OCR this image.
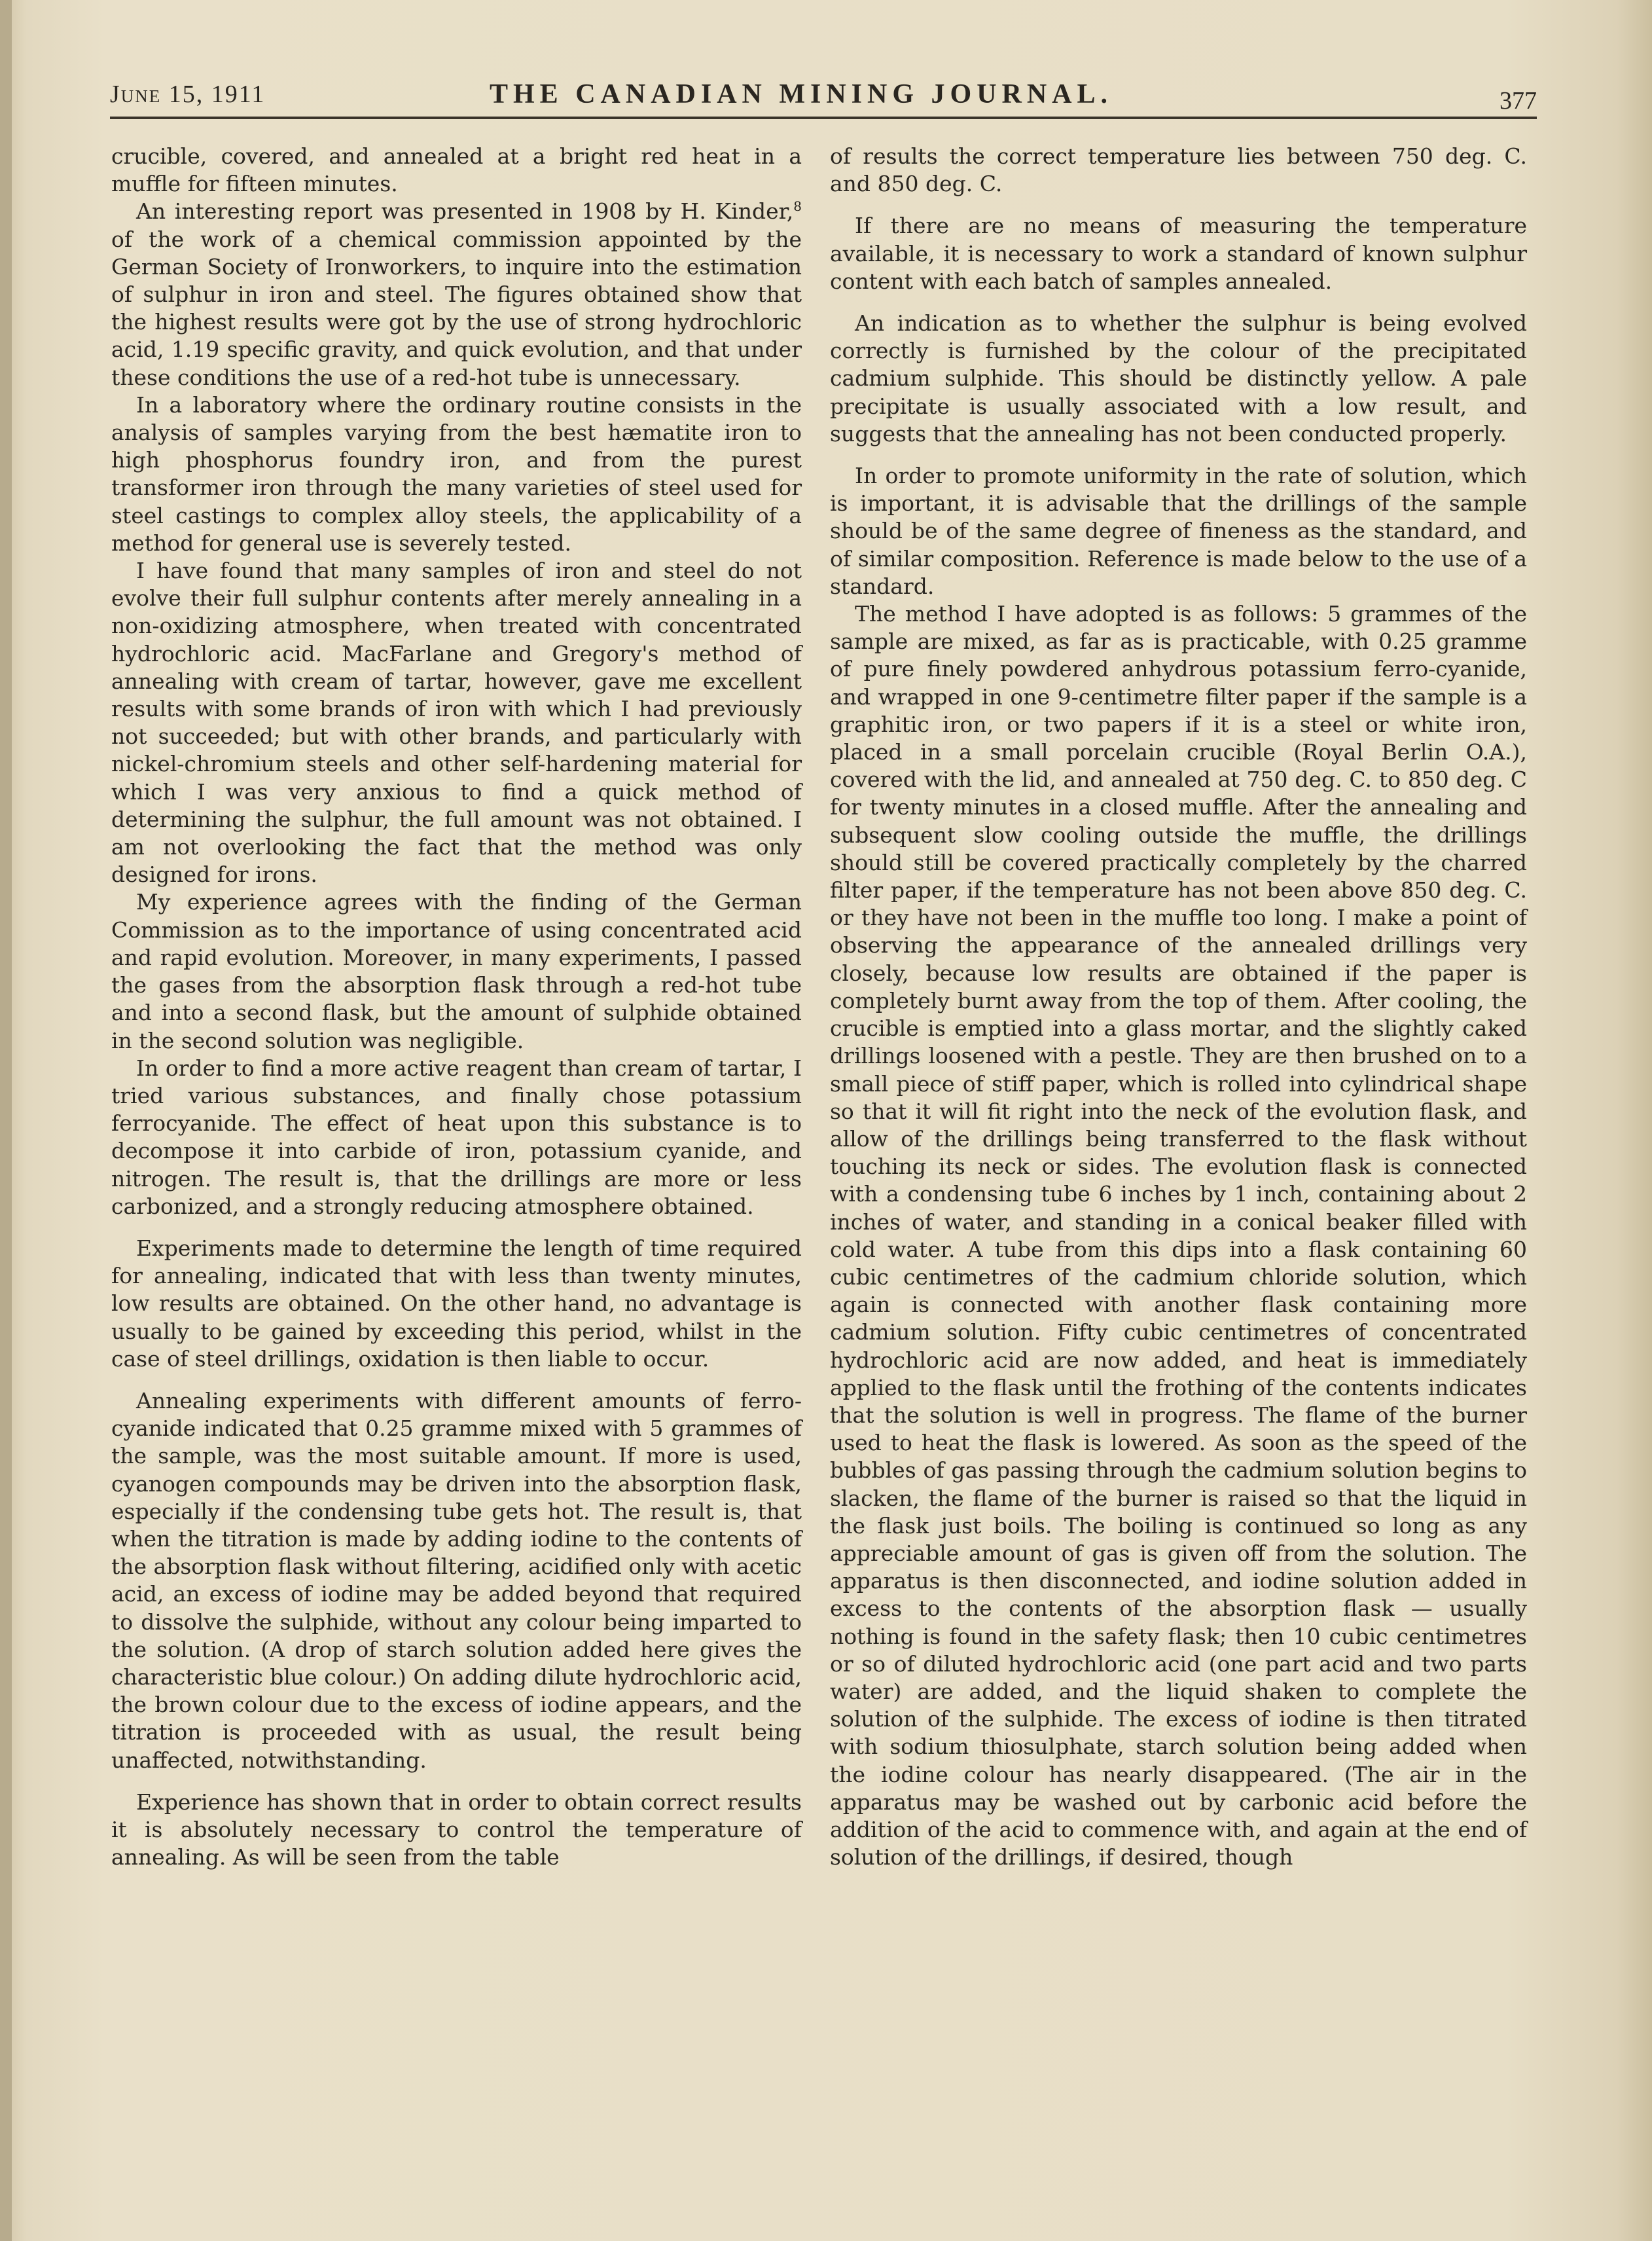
June 15, 1911	THE CANADIAN MINING JOURNAL.	377

crucible, covered, and annealed at a bright red heat in a muffle for fifteen minutes.

An interesting report was presented in 1908 by H. Kinder,$^8$ of the work of a chemical commission appointed by the German Society of Ironworkers, to inquire into the estimation of sulphur in iron and steel. The figures obtained show that the highest results were got by the use of strong hydrochloric acid, 1.19 specific gravity, and quick evolution, and that under these conditions the use of a red-hot tube is unnecessary.

In a laboratory where the ordinary routine consists in the analysis of samples varying from the best hæmatite iron to high phosphorus foundry iron, and from the purest transformer iron through the many varieties of steel used for steel castings to complex alloy steels, the applicability of a method for general use is severely tested.

I have found that many samples of iron and steel do not evolve their full sulphur contents after merely annealing in a non-oxidizing atmosphere, when treated with concentrated hydrochloric acid. MacFarlane and Gregory's method of annealing with cream of tartar, however, gave me excellent results with some brands of iron with which I had previously not succeeded; but with other brands, and particularly with nickel-chromium steels and other self-hardening material for which I was very anxious to find a quick method of determining the sulphur, the full amount was not obtained. I am not overlooking the fact that the method was only designed for irons.

My experience agrees with the finding of the German Commission as to the importance of using concentrated acid and rapid evolution. Moreover, in many experiments, I passed the gases from the absorption flask through a red-hot tube and into a second flask, but the amount of sulphide obtained in the second solution was negligible.

In order to find a more active reagent than cream of tartar, I tried various substances, and finally chose potassium ferrocyanide. The effect of heat upon this substance is to decompose it into carbide of iron, potassium cyanide, and nitrogen. The result is, that the drillings are more or less carbonized, and a strongly reducing atmosphere obtained.

Experiments made to determine the length of time required for annealing, indicated that with less than twenty minutes, low results are obtained. On the other hand, no advantage is usually to be gained by exceeding this period, whilst in the case of steel drillings, oxidation is then liable to occur.

Annealing experiments with different amounts of ferro-cyanide indicated that 0.25 gramme mixed with 5 grammes of the sample, was the most suitable amount. If more is used, cyanogen compounds may be driven into the absorption flask, especially if the condensing tube gets hot. The result is, that when the titration is made by adding iodine to the contents of the absorption flask without filtering, acidified only with acetic acid, an excess of iodine may be added beyond that required to dissolve the sulphide, without any colour being imparted to the solution. (A drop of starch solution added here gives the characteristic blue colour.) On adding dilute hydrochloric acid, the brown colour due to the excess of iodine appears, and the titration is proceeded with as usual, the result being unaffected, notwithstanding.

Experience has shown that in order to obtain correct results it is absolutely necessary to control the temperature of annealing. As will be seen from the table

of results the correct temperature lies between 750 deg. C. and 850 deg. C.

If there are no means of measuring the temperature available, it is necessary to work a standard of known sulphur content with each batch of samples annealed.

An indication as to whether the sulphur is being evolved correctly is furnished by the colour of the precipitated cadmium sulphide. This should be distinctly yellow. A pale precipitate is usually associated with a low result, and suggests that the annealing has not been conducted properly.

In order to promote uniformity in the rate of solution, which is important, it is advisable that the drillings of the sample should be of the same degree of fineness as the standard, and of similar composition. Reference is made below to the use of a standard.

The method I have adopted is as follows: 5 grammes of the sample are mixed, as far as is practicable, with 0.25 gramme of pure finely powdered anhydrous potassium ferro-cyanide, and wrapped in one 9-centimetre filter paper if the sample is a graphitic iron, or two papers if it is a steel or white iron, placed in a small porcelain crucible (Royal Berlin O.A.), covered with the lid, and annealed at 750 deg. C. to 850 deg. C for twenty minutes in a closed muffle. After the annealing and subsequent slow cooling outside the muffle, the drillings should still be covered practically completely by the charred filter paper, if the temperature has not been above 850 deg. C. or they have not been in the muffle too long. I make a point of observing the appearance of the annealed drillings very closely, because low results are obtained if the paper is completely burnt away from the top of them. After cooling, the crucible is emptied into a glass mortar, and the slightly caked drillings loosened with a pestle. They are then brushed on to a small piece of stiff paper, which is rolled into cylindrical shape so that it will fit right into the neck of the evolution flask, and allow of the drillings being transferred to the flask without touching its neck or sides. The evolution flask is connected with a condensing tube 6 inches by 1 inch, containing about 2 inches of water, and standing in a conical beaker filled with cold water. A tube from this dips into a flask containing 60 cubic centimetres of the cadmium chloride solution, which again is connected with another flask containing more cadmium solution. Fifty cubic centimetres of concentrated hydrochloric acid are now added, and heat is immediately applied to the flask until the frothing of the contents indicates that the solution is well in progress. The flame of the burner used to heat the flask is lowered. As soon as the speed of the bubbles of gas passing through the cadmium solution begins to slacken, the flame of the burner is raised so that the liquid in the flask just boils. The boiling is continued so long as any appreciable amount of gas is given off from the solution. The apparatus is then disconnected, and iodine solution added in excess to the contents of the absorption flask — usually nothing is found in the safety flask; then 10 cubic centimetres or so of diluted hydrochloric acid (one part acid and two parts water) are added, and the liquid shaken to complete the solution of the sulphide. The excess of iodine is then titrated with sodium thiosulphate, starch solution being added when the iodine colour has nearly disappeared. (The air in the apparatus may be washed out by carbonic acid before the addition of the acid to commence with, and again at the end of solution of the drillings, if desired, though
